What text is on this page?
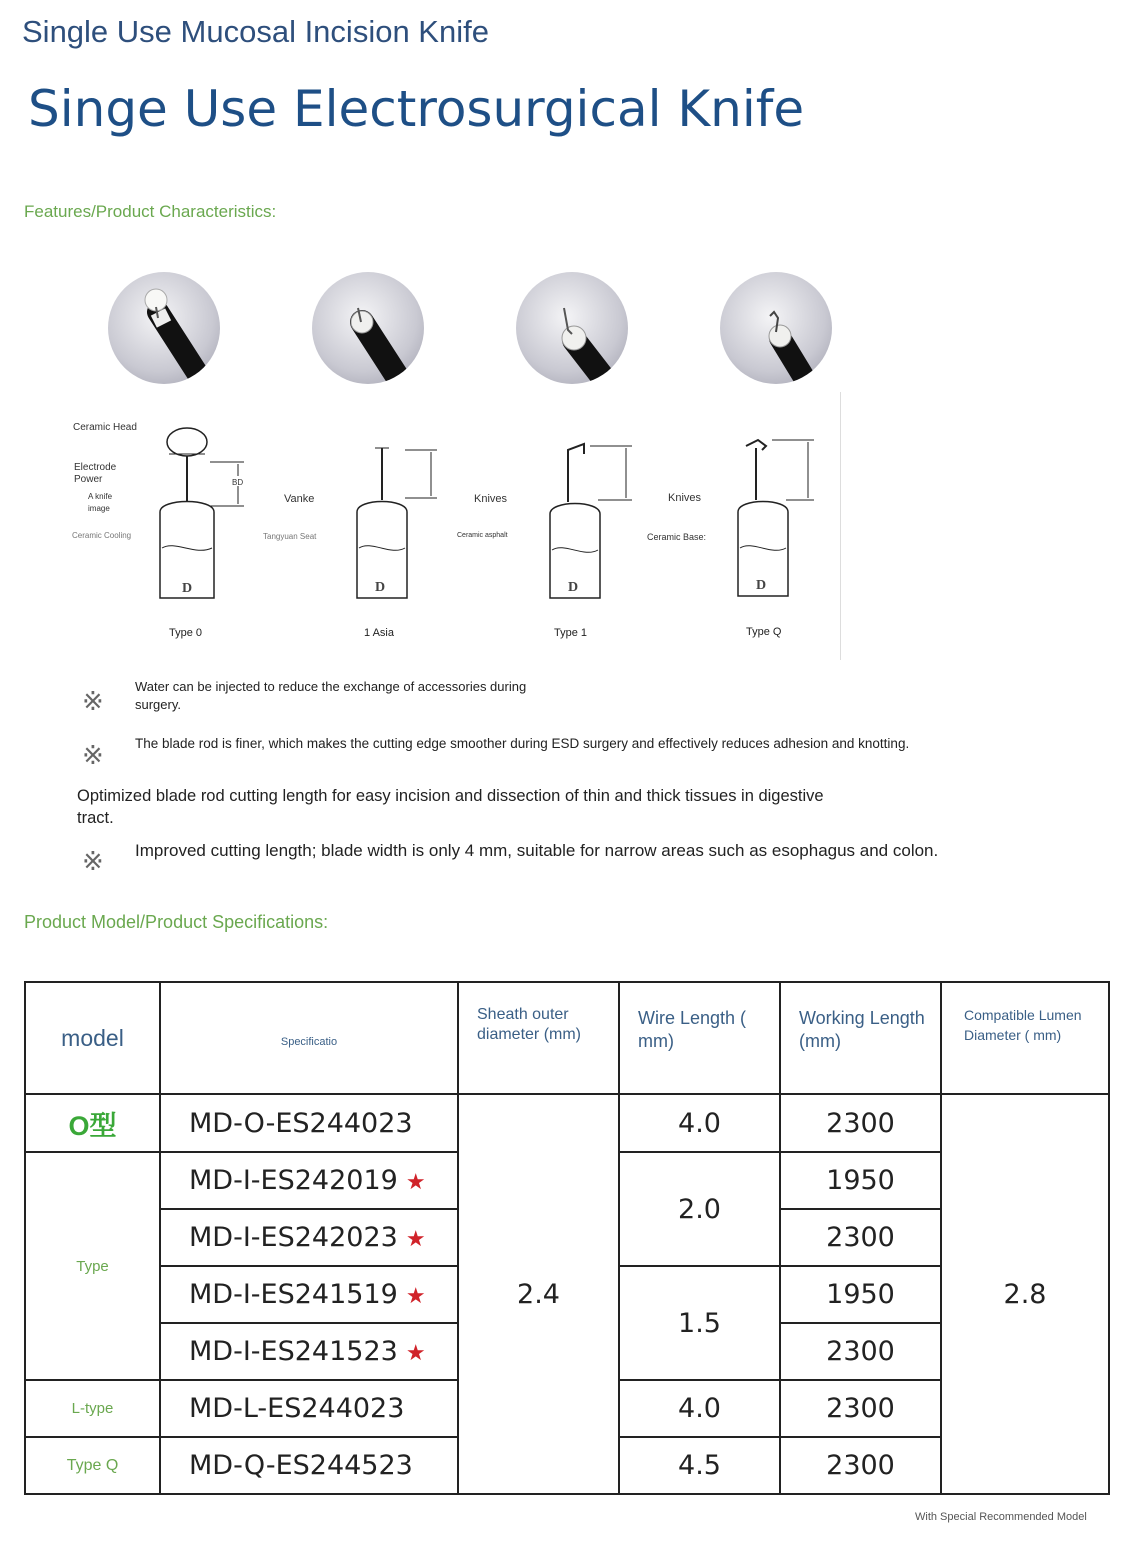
Single Use Mucosal Incision Knife
Singe Use Electrosurgical Knife
Features/Product Characteristics:
BD
D	D	D	D
Ceramic Head
Electrode Power
A knife image
Ceramic Cooling
Vanke
Tangyuan Seat
Knives
Ceramic asphalt
Knives
Ceramic Base:
Type 0	1 Asia	Type 1	Type Q
※ Water can be injected to reduce the exchange of accessories during surgery.
※ The blade rod is finer, which makes the cutting edge smoother during ESD surgery and effectively reduces adhesion and knotting.
Optimized blade rod cutting length for easy incision and dissection of thin and thick tissues in digestive tract.
※ Improved cutting length; blade width is only 4 mm, suitable for narrow areas such as esophagus and colon.
Product Model/Product Specifications:
model	Specificatio	Sheath outer diameter (mm)	Wire Length ( mm)	Working Length (mm)	Compatible Lumen Diameter ( mm)
O型	MD-O-ES244023	2.4	4.0	2300	2.8
Type	MD-I-ES242019 ★		2.0	1950	
	MD-I-ES242023 ★			2300	
	MD-I-ES241519 ★		1.5	1950	
	MD-I-ES241523 ★			2300	
L-type	MD-L-ES244023		4.0	2300	
Type Q	MD-Q-ES244523		4.5	2300	
With Special Recommended Model
